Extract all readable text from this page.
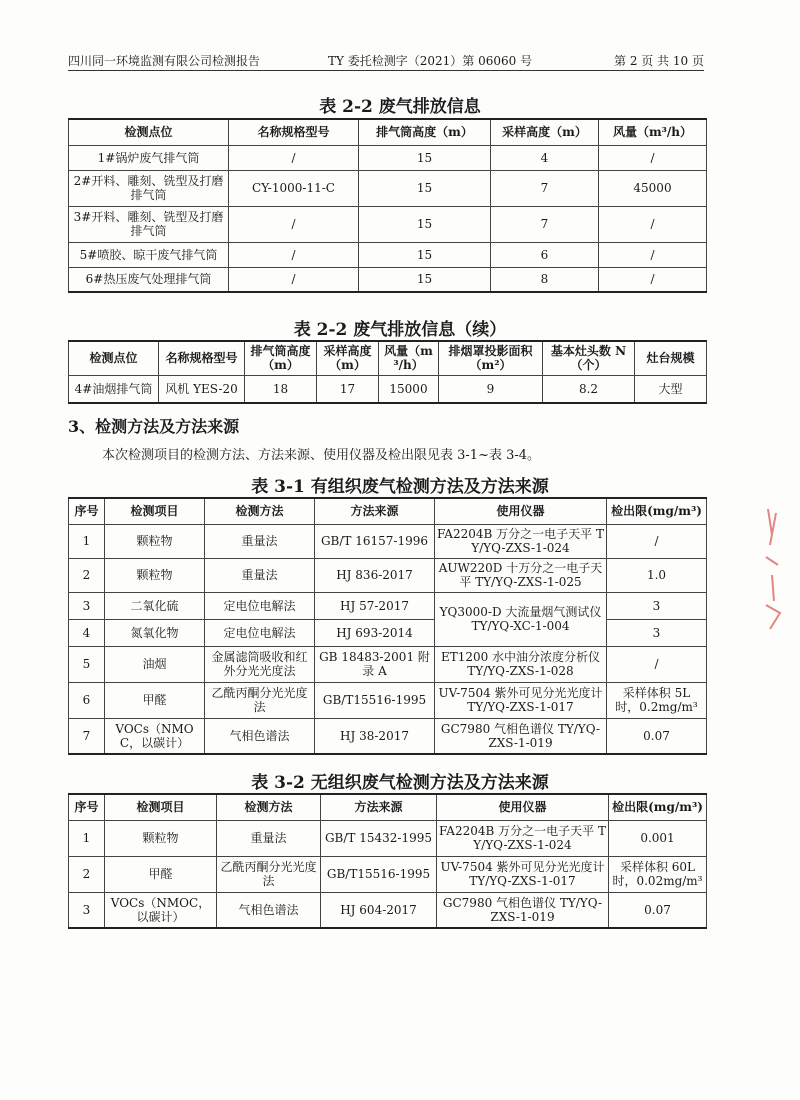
四川同一环境监测有限公司检测报告	TY 委托检测字（2021）第 06060 号	第 2 页 共 10 页
表 2-2 废气排放信息
检测点位	名称规格型号	排气筒高度（m）	采样高度（m）	风量（m³/h）
1#锅炉废气排气筒	/	15	4	/
2#开料、雕刻、铣型及打磨排气筒	CY-1000-11-C	15	7	45000
3#开料、雕刻、铣型及打磨排气筒	/	15	7	/
5#喷胶、晾干废气排气筒	/	15	6	/
6#热压废气处理排气筒	/	15	8	/
表 2-2 废气排放信息（续）
检测点位	名称规格型号	排气筒高度（m）	采样高度（m）	风量（m³/h）	排烟罩投影面积（m²）	基本灶头数 N（个）	灶台规模
4#油烟排气筒	风机 YES-20	18	17	15000	9	8.2	大型
3、检测方法及方法来源

本次检测项目的检测方法、方法来源、使用仪器及检出限见表 3-1~表 3-4。

表 3-1 有组织废气检测方法及方法来源
序号	检测项目	检测方法	方法来源	使用仪器	检出限(mg/m³)
1	颗粒物	重量法	GB/T 16157-1996	FA2204B 万分之一电子天平 TY/YQ-ZXS-1-024	/
2	颗粒物	重量法	HJ 836-2017	AUW220D 十万分之一电子天平 TY/YQ-ZXS-1-025	1.0
3	二氧化硫	定电位电解法	HJ 57-2017	YQ3000-D 大流量烟气测试仪 TY/YQ-XC-1-004	3
4	氮氧化物	定电位电解法	HJ 693-2014		3
5	油烟	金属滤筒吸收和红外分光光度法	GB 18483-2001 附录 A	ET1200 水中油分浓度分析仪 TY/YQ-ZXS-1-028	/
6	甲醛	乙酰丙酮分光光度法	GB/T15516-1995	UV-7504 紫外可见分光光度计 TY/YQ-ZXS-1-017	采样体积 5L 时，0.2mg/m³
7	VOCs（NMOC，以碳计）	气相色谱法	HJ 38-2017	GC7980 气相色谱仪 TY/YQ-ZXS-1-019	0.07
表 3-2 无组织废气检测方法及方法来源
序号	检测项目	检测方法	方法来源	使用仪器	检出限(mg/m³)
1	颗粒物	重量法	GB/T 15432-1995	FA2204B 万分之一电子天平 TY/YQ-ZXS-1-024	0.001
2	甲醛	乙酰丙酮分光光度法	GB/T15516-1995	UV-7504 紫外可见分光光度计 TY/YQ-ZXS-1-017	采样体积 60L 时，0.02mg/m³
3	VOCs（NMOC，以碳计）	气相色谱法	HJ 604-2017	GC7980 气相色谱仪 TY/YQ-ZXS-1-019	0.07
